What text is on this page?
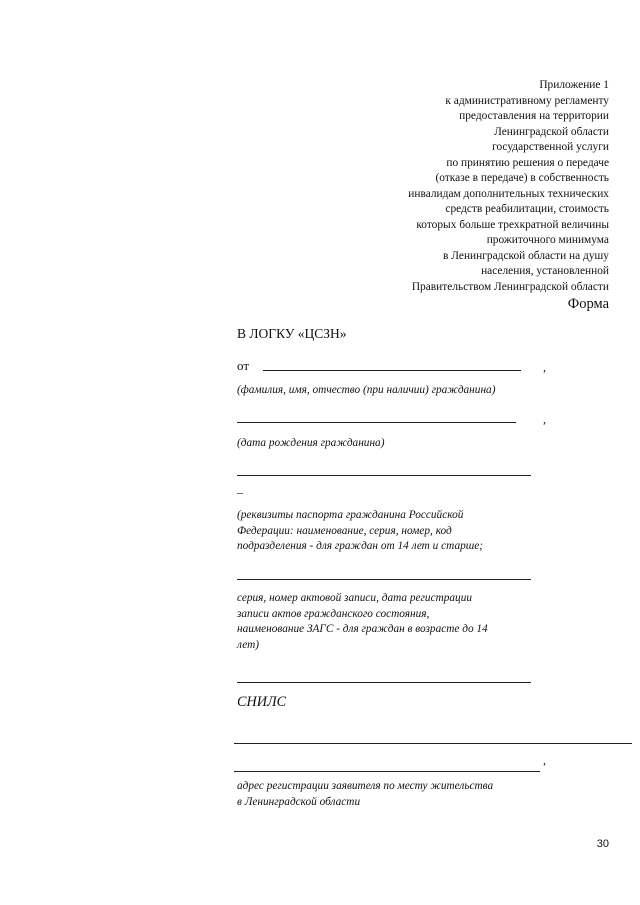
Приложение 1
к административному регламенту
предоставления на территории
Ленинградской области
государственной услуги
по принятию решения о передаче
(отказе в передаче) в собственность
инвалидам дополнительных технических
средств реабилитации, стоимость
которых больше трехкратной величины
прожиточного минимума
в Ленинградской области на душу
населения, установленной
Правительством Ленинградской области
Форма
В ЛОГКУ «ЦСЗН»
от	,
(фамилия, имя, отчество (при наличии) гражданина)
,
(дата рождения гражданина)
–
(реквизиты паспорта гражданина Российской
Федерации: наименование, серия, номер, код
подразделения - для граждан от 14 лет и старше;
серия, номер актовой записи, дата регистрации
записи актов гражданского состояния,
наименование ЗАГС - для граждан в возрасте до 14
лет)
СНИЛС
,
адрес регистрации заявителя по месту жительства
в Ленинградской области
30
